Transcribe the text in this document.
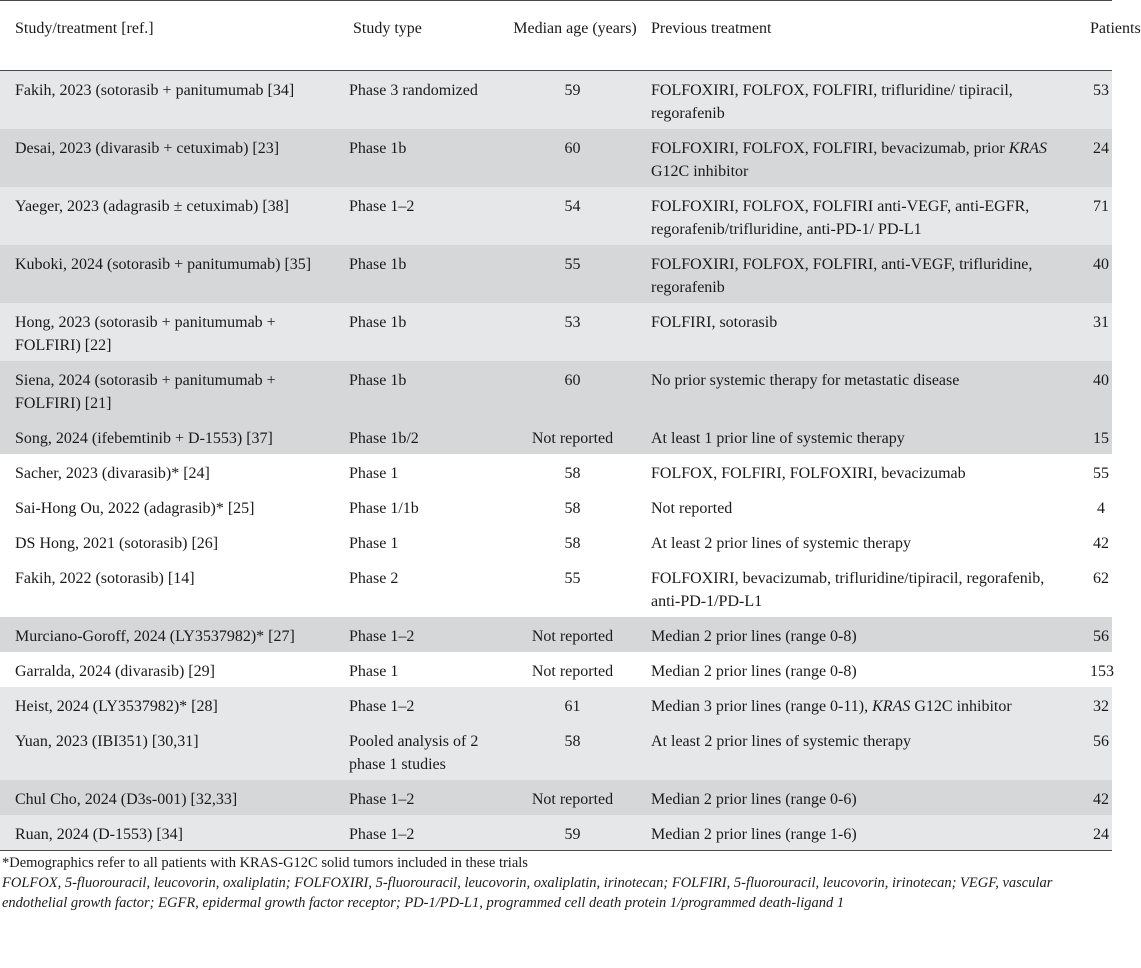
Study/treatment [ref.]	Study type	Median age (years)	Previous treatment	Patients
Fakih, 2023 (sotorasib + panitumumab [34]	Phase 3 randomized	59	FOLFOXIRI, FOLFOX, FOLFIRI, trifluridine/ tipiracil, regorafenib	53
Desai, 2023 (divarasib + cetuximab) [23]	Phase 1b	60	FOLFOXIRI, FOLFOX, FOLFIRI, bevacizumab, prior KRAS G12C inhibitor	24
Yaeger, 2023 (adagrasib ± cetuximab) [38]	Phase 1–2	54	FOLFOXIRI, FOLFOX, FOLFIRI anti-VEGF, anti-EGFR, regorafenib/trifluridine, anti-PD-1/ PD-L1	71
Kuboki, 2024 (sotorasib + panitumumab) [35]	Phase 1b	55	FOLFOXIRI, FOLFOX, FOLFIRI, anti-VEGF, trifluridine, regorafenib	40
Hong, 2023 (sotorasib + panitumumab + FOLFIRI) [22]	Phase 1b	53	FOLFIRI, sotorasib	31
Siena, 2024 (sotorasib + panitumumab + FOLFIRI) [21]	Phase 1b	60	No prior systemic therapy for metastatic disease	40
Song, 2024 (ifebemtinib + D-1553) [37]	Phase 1b/2	Not reported	At least 1 prior line of systemic therapy	15
Sacher, 2023 (divarasib)* [24]	Phase 1	58	FOLFOX, FOLFIRI, FOLFOXIRI, bevacizumab	55
Sai-Hong Ou, 2022 (adagrasib)* [25]	Phase 1/1b	58	Not reported	4
DS Hong, 2021 (sotorasib) [26]	Phase 1	58	At least 2 prior lines of systemic therapy	42
Fakih, 2022 (sotorasib) [14]	Phase 2	55	FOLFOXIRI, bevacizumab, trifluridine/tipiracil, regorafenib, anti-PD-1/PD-L1	62
Murciano-Goroff, 2024 (LY3537982)* [27]	Phase 1–2	Not reported	Median 2 prior lines (range 0-8)	56
Garralda, 2024 (divarasib) [29]	Phase 1	Not reported	Median 2 prior lines (range 0-8)	153
Heist, 2024 (LY3537982)* [28]	Phase 1–2	61	Median 3 prior lines (range 0-11), KRAS G12C inhibitor	32
Yuan, 2023 (IBI351) [30,31]	Pooled analysis of 2 phase 1 studies	58	At least 2 prior lines of systemic therapy	56
Chul Cho, 2024 (D3s-001) [32,33]	Phase 1–2	Not reported	Median 2 prior lines (range 0-6)	42
Ruan, 2024 (D-1553) [34]	Phase 1–2	59	Median 2 prior lines (range 1-6)	24
*Demographics refer to all patients with KRAS-G12C solid tumors included in these trials
FOLFOX, 5-fluorouracil, leucovorin, oxaliplatin; FOLFOXIRI, 5-fluorouracil, leucovorin, oxaliplatin, irinotecan; FOLFIRI, 5-fluorouracil, leucovorin, irinotecan; VEGF, vascular endothelial growth factor; EGFR, epidermal growth factor receptor; PD-1/PD-L1, programmed cell death protein 1/programmed death-ligand 1
